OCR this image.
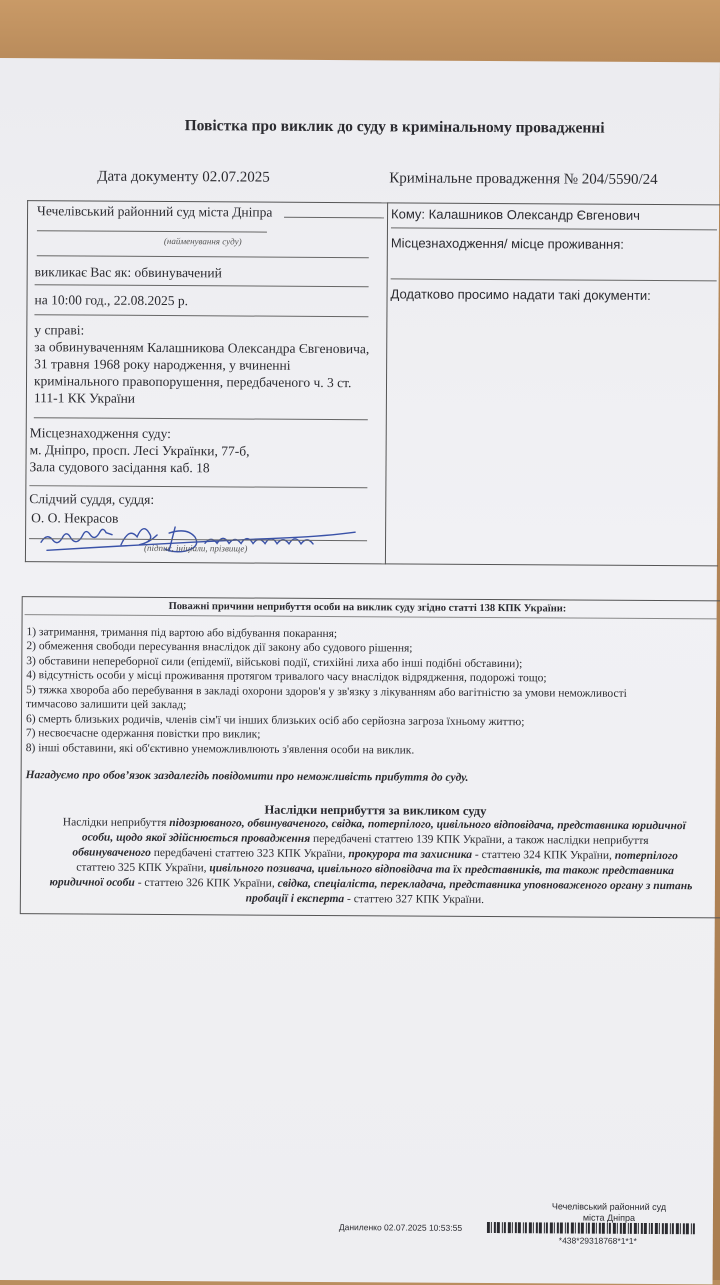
Повістка про виклик до суду в кримінальному провадженні
Дата документу 02.07.2025	Кримінальне провадження № 204/5590/24
Чечелівський районний суд міста Дніпра
(найменування суду)
викликає Вас як: обвинувачений
на 10:00 год., 22.08.2025 р.
у справі:
за обвинуваченням Калашникова Олександра Євгеновича,
31 травня 1968 року народження, у вчиненні
кримінального правопорушення, передбаченого ч. 3 ст.
111-1 КК України
Місцезнаходження суду:
м. Дніпро, просп. Лесі Українки, 77-б,
Зала судового засідання каб. 18
Слідчий суддя, суддя:
О. О. Некрасов
(підпис, ініціали, прізвище)
Кому: Калашников Олександр Євгенович
Місцезнаходження/ місце проживання:
Додатково просимо надати такі документи:
Поважні причини неприбуття особи на виклик суду згідно статті 138 КПК України:
1) затримання, тримання під вартою або відбування покарання;
2) обмеження свободи пересування внаслідок дії закону або судового рішення;
3) обставини непереборної сили (епідемії, військові події, стихійні лиха або інші подібні обставини);
4) відсутність особи у місці проживання протягом тривалого часу внаслідок відрядження, подорожі тощо;
5) тяжка хвороба або перебування в закладі охорони здоров'я у зв'язку з лікуванням або вагітністю за умови неможливості
тимчасово залишити цей заклад;
6) смерть близьких родичів, членів сім'ї чи інших близьких осіб або серйозна загроза їхньому життю;
7) несвоєчасне одержання повістки про виклик;
8) інші обставини, які об'єктивно унеможливлюють з'явлення особи на виклик.
Нагадуємо про обов’язок заздалегідь повідомити про неможливість прибуття до суду.
Наслідки неприбуття за викликом суду
Наслідки неприбуття підозрюваного, обвинуваченого, свідка, потерпілого, цивільного відповідача, представника юридичної
особи, щодо якої здійснюється провадження передбачені статтею 139 КПК України, а також наслідки неприбуття
обвинуваченого передбачені статтею 323 КПК України, прокурора та захисника - статтею 324 КПК України, потерпілого
статтею 325 КПК України, цивільного позивача, цивільного відповідача та їх представників, та також представника
юридичної особи - статтею 326 КПК України, свідка, спеціаліста, перекладача, представника уповноваженого органу з питань
пробації і експерта - статтею 327 КПК України.
Чечелівський районний суд
міста Дніпра
Даниленко 02.07.2025 10:53:55
*438*29318768*1*1*
